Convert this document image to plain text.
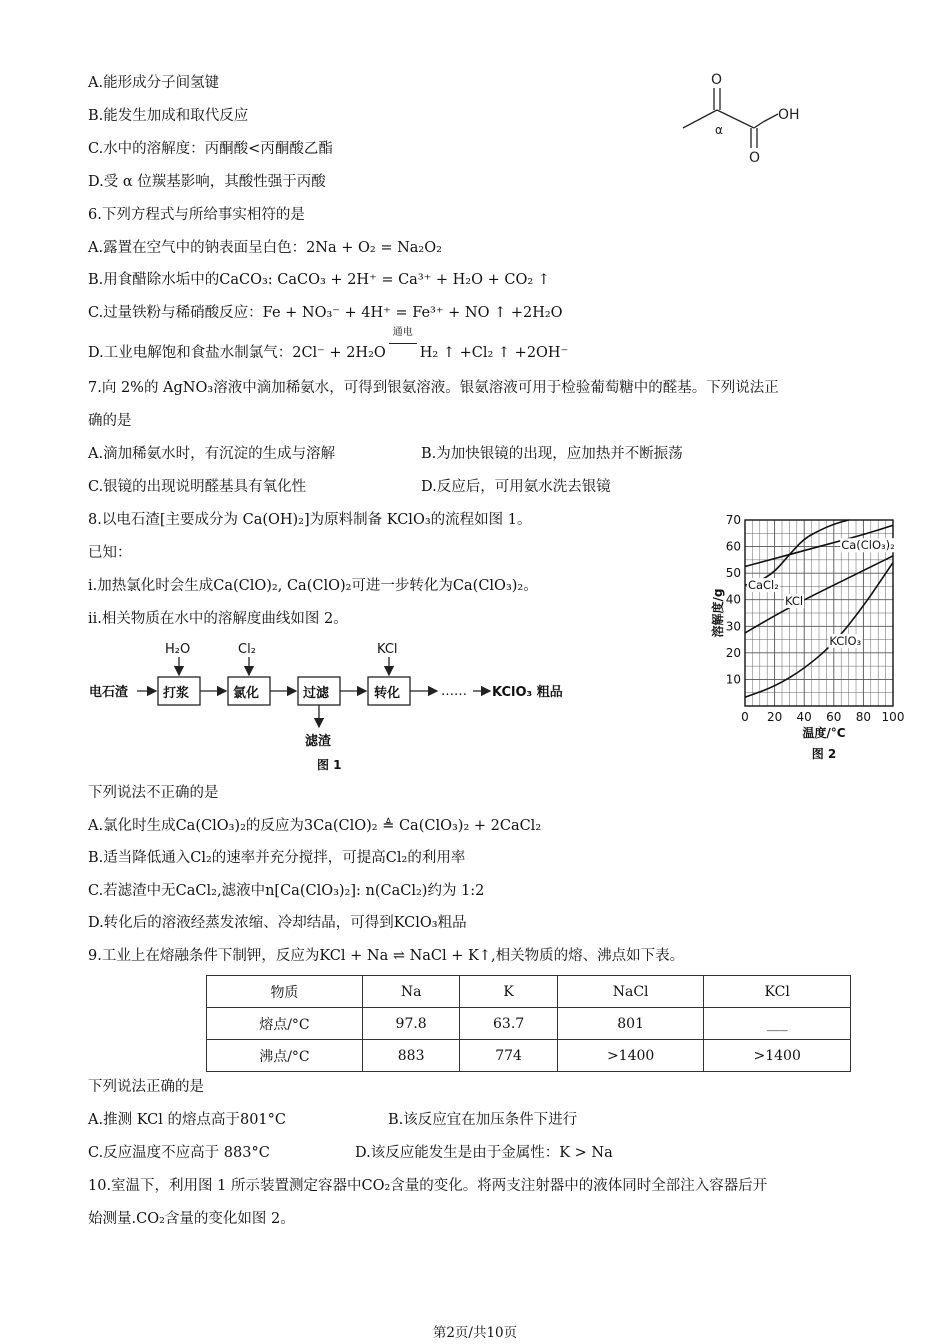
A.能形成分子间氢键
B.能发生加成和取代反应
C.水中的溶解度：丙酮酸<丙酮酸乙酯
D.受 α 位羰基影响，其酸性强于丙酸
O
OH
O
α
6.下列方程式与所给事实相符的是
A.露置在空气中的钠表面呈白色：2Na + O₂ = Na₂O₂
B.用食醋除水垢中的CaCO₃: CaCO₃ + 2H⁺ = Ca³⁺ + H₂O + CO₂ ↑
C.过量铁粉与稀硝酸反应：Fe + NO₃⁻ + 4H⁺ = Fe³⁺ + NO ↑ +2H₂O
D.工业电解饱和食盐水制氯气：2Cl⁻ + 2H₂O
通电
H₂ ↑ +Cl₂ ↑ +2OH⁻
7.向 2%的 AgNO₃溶液中滴加稀氨水，可得到银氨溶液。银氨溶液可用于检验葡萄糖中的醛基。下列说法正
确的是
A.滴加稀氨水时，有沉淀的生成与溶解	B.为加快银镜的出现，应加热并不断振荡
C.银镜的出现说明醛基具有氧化性	D.反应后，可用氨水洗去银镜
8.以电石渣[主要成分为 Ca(OH)₂]为原料制备 KClO₃的流程如图 1。
已知：
i.加热氯化时会生成Ca(ClO)₂, Ca(ClO)₂可进一步转化为Ca(ClO₃)₂。
ii.相关物质在水中的溶解度曲线如图 2。
电石渣
H₂O	Cl₂	KCl
打浆	氯化	过滤	转化
滤渣
…… KClO₃ 粗品
图 1
10
20
30
40
50
60
70
0 20 40 60 80 100
溶解度/g
温度/°C
图 2
Ca(ClO₃)₂
CaCl₂
KCl
KClO₃
下列说法不正确的是
A.氯化时生成Ca(ClO₃)₂的反应为3Ca(ClO)₂ ≜ Ca(ClO₃)₂ + 2CaCl₂
B.适当降低通入Cl₂的速率并充分搅拌，可提高Cl₂的利用率
C.若滤渣中无CaCl₂,滤液中n[Ca(ClO₃)₂]: n(CaCl₂)约为 1:2
D.转化后的溶液经蒸发浓缩、冷却结晶，可得到KClO₃粗品
9.工业上在熔融条件下制钾，反应为KCl + Na ⇌ NaCl + K↑,相关物质的熔、沸点如下表。
物质	Na	K	NaCl	KCl
熔点/°C	97.8	63.7	801	___
沸点/°C	883	774	>1400	>1400
下列说法正确的是
A.推测 KCl 的熔点高于801°C	B.该反应宜在加压条件下进行
C.反应温度不应高于 883°C	D.该反应能发生是由于金属性：K > Na
10.室温下，利用图 1 所示装置测定容器中CO₂含量的变化。将两支注射器中的液体同时全部注入容器后开
始测量.CO₂含量的变化如图 2。
第2页/共10页
